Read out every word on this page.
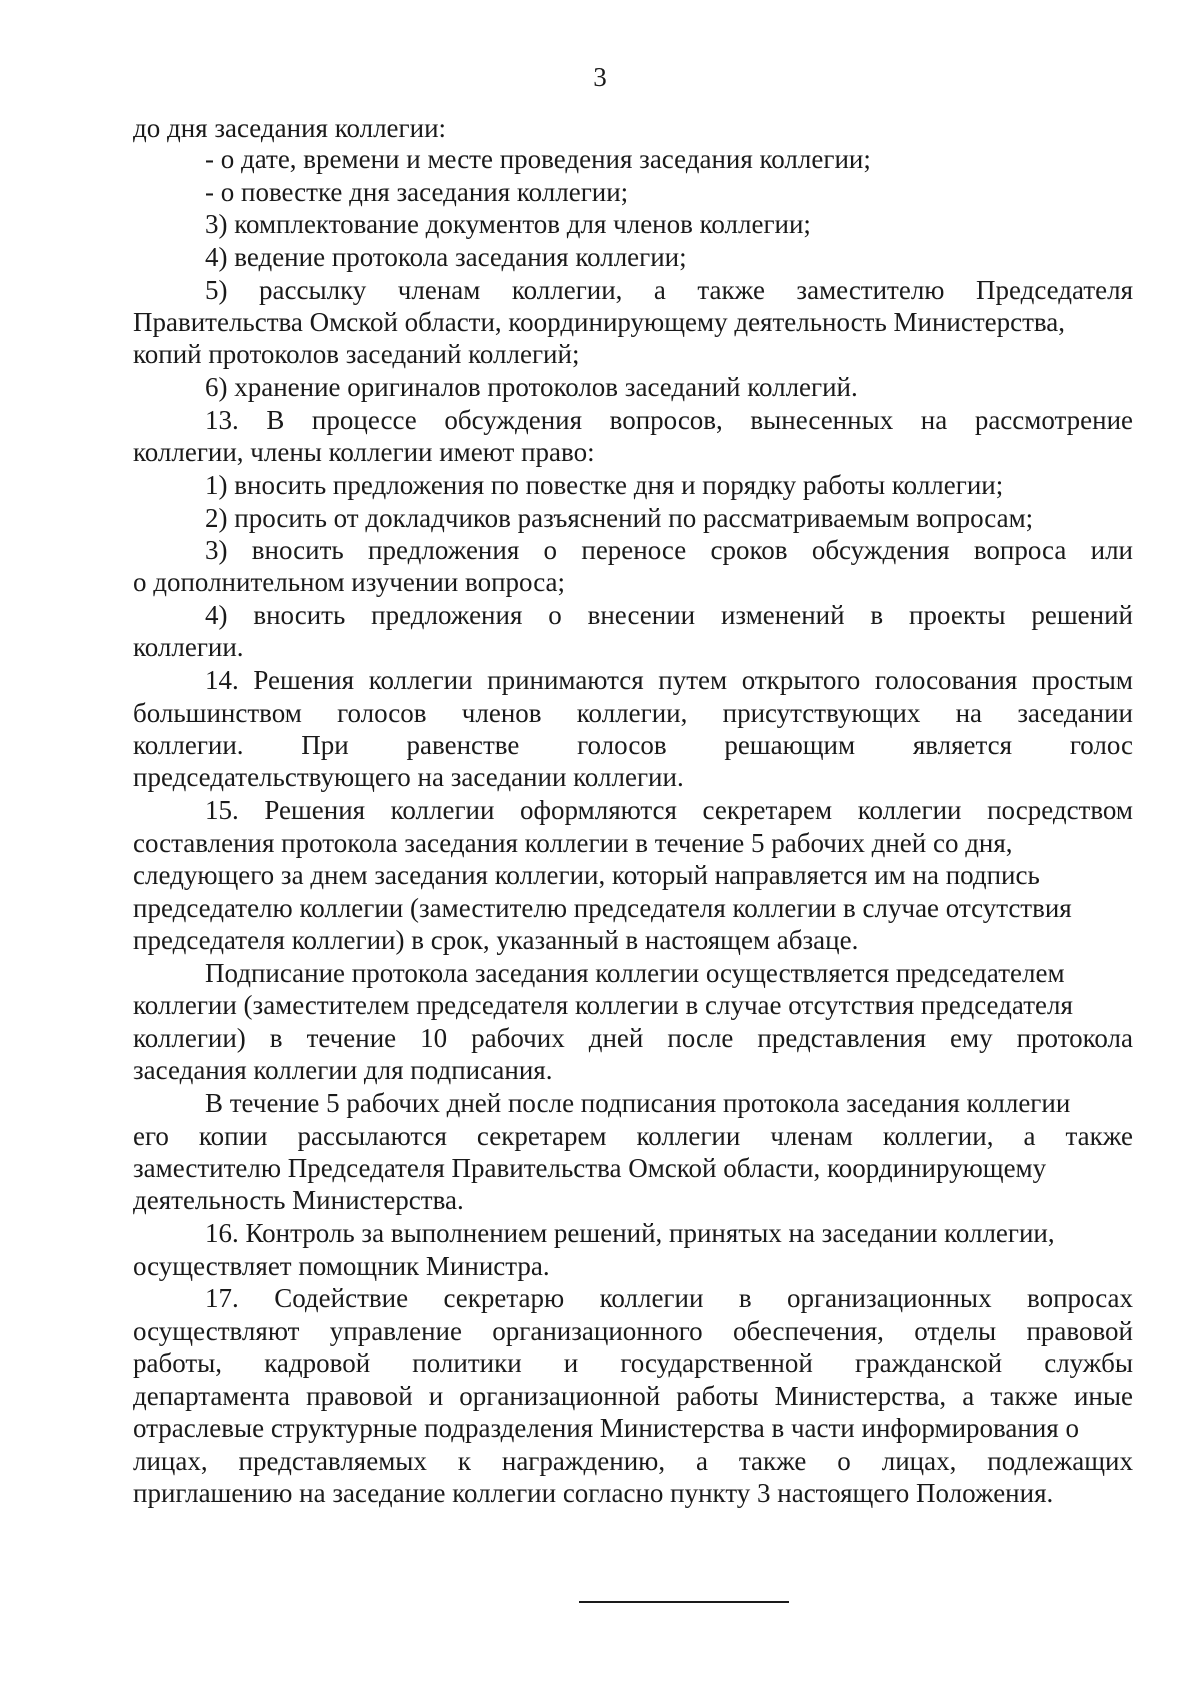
3
до дня заседания коллегии:
- о дате, времени и месте проведения заседания коллегии;
- о повестке дня заседания коллегии;
3) комплектование документов для членов коллегии;
4) ведение протокола заседания коллегии;
5) рассылку членам коллегии, а также заместителю Председателя
Правительства Омской области, координирующему деятельность Министерства,
копий протоколов заседаний коллегий;
6) хранение оригиналов протоколов заседаний коллегий.
13. В процессе обсуждения вопросов, вынесенных на рассмотрение
коллегии, члены коллегии имеют право:
1) вносить предложения по повестке дня и порядку работы коллегии;
2) просить от докладчиков разъяснений по рассматриваемым вопросам;
3) вносить предложения о переносе сроков обсуждения вопроса или
о дополнительном изучении вопроса;
4) вносить предложения о внесении изменений в проекты решений
коллегии.
14. Решения коллегии принимаются путем открытого голосования простым
большинством голосов членов коллегии, присутствующих на заседании
коллегии. При равенстве голосов решающим является голос
председательствующего на заседании коллегии.
15. Решения коллегии оформляются секретарем коллегии посредством
составления протокола заседания коллегии в течение 5 рабочих дней со дня,
следующего за днем заседания коллегии, который направляется им на подпись
председателю коллегии (заместителю председателя коллегии в случае отсутствия
председателя коллегии) в срок, указанный в настоящем абзаце.
Подписание протокола заседания коллегии осуществляется председателем
коллегии (заместителем председателя коллегии в случае отсутствия председателя
коллегии) в течение 10 рабочих дней после представления ему протокола
заседания коллегии для подписания.
В течение 5 рабочих дней после подписания протокола заседания коллегии
его копии рассылаются секретарем коллегии членам коллегии, а также
заместителю Председателя Правительства Омской области, координирующему
деятельность Министерства.
16. Контроль за выполнением решений, принятых на заседании коллегии,
осуществляет помощник Министра.
17. Содействие секретарю коллегии в организационных вопросах
осуществляют управление организационного обеспечения, отделы правовой
работы, кадровой политики и государственной гражданской службы
департамента правовой и организационной работы Министерства, а также иные
отраслевые структурные подразделения Министерства в части информирования о
лицах, представляемых к награждению, а также о лицах, подлежащих
приглашению на заседание коллегии согласно пункту 3 настоящего Положения.
